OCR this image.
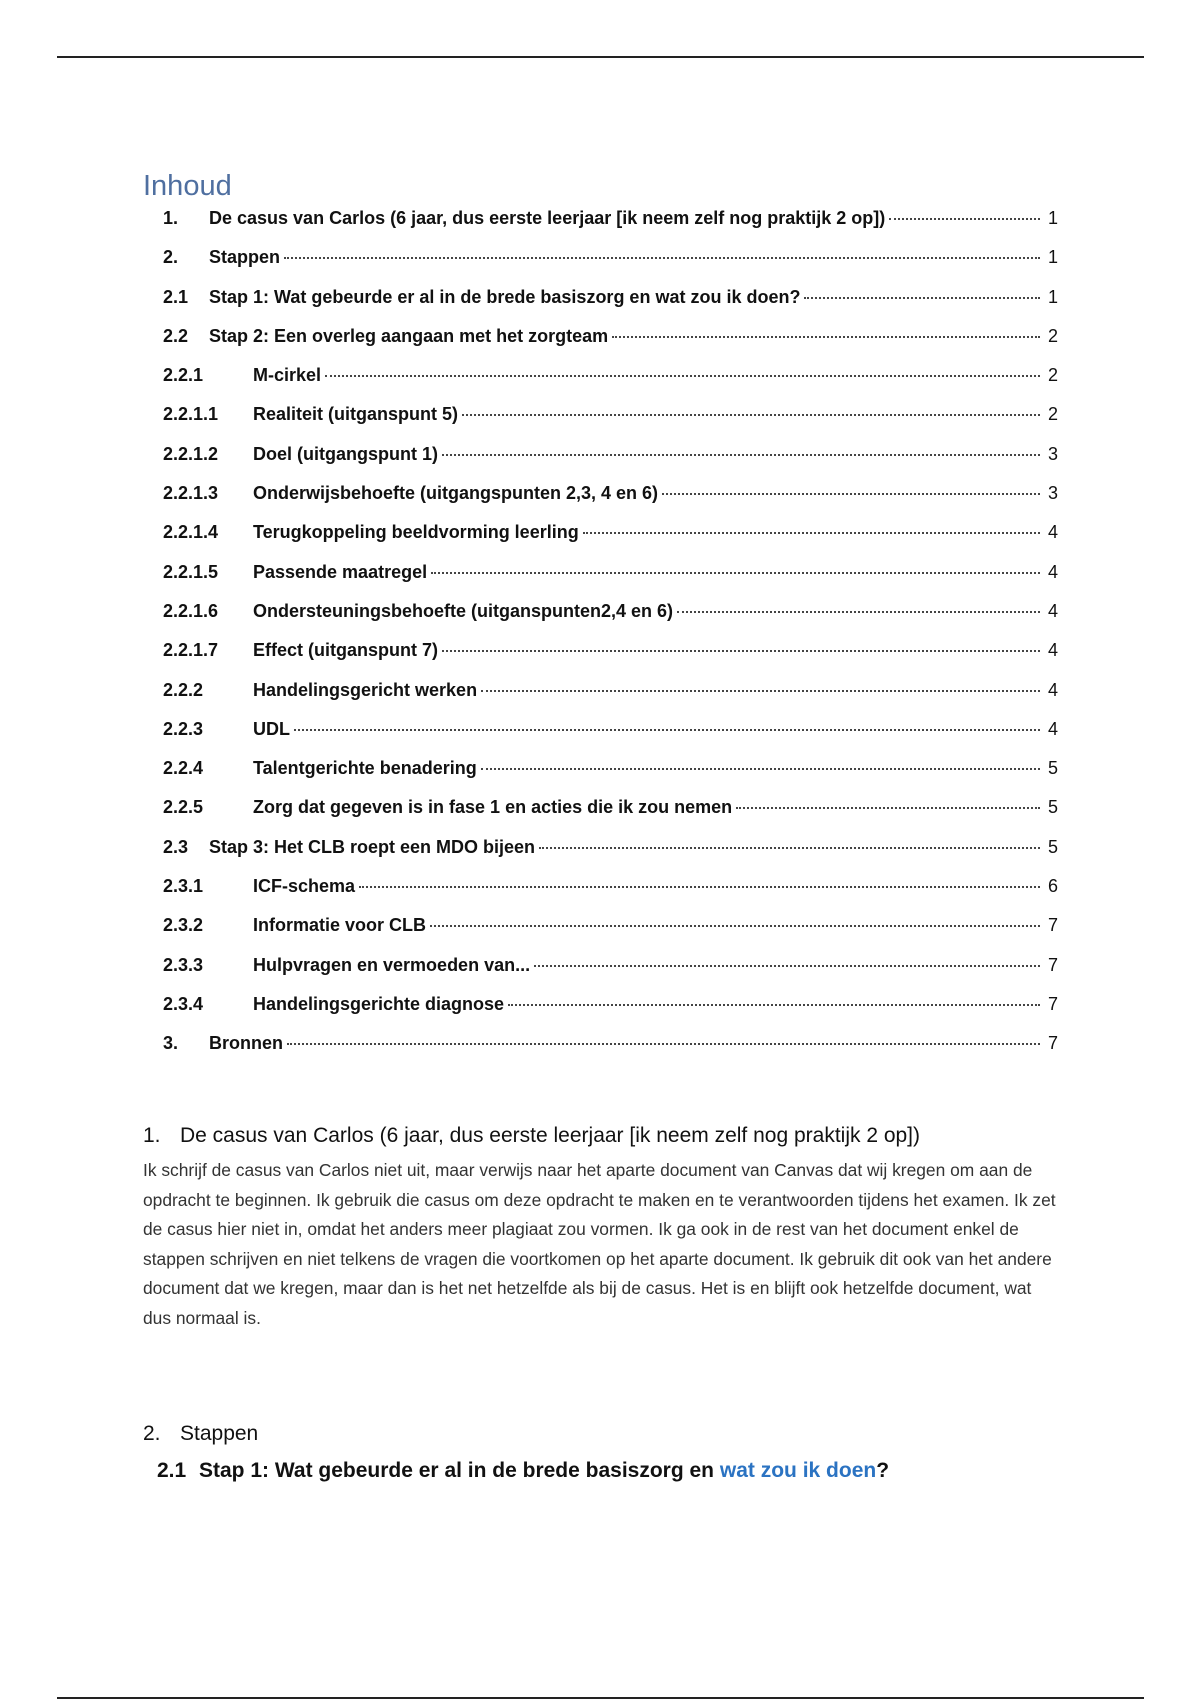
Inhoud
1.	De casus van Carlos (6 jaar, dus eerste leerjaar [ik neem zelf nog praktijk 2 op])	1
2.	Stappen	1
2.1	Stap 1: Wat gebeurde er al in de brede basiszorg en wat zou ik doen?	1
2.2	Stap 2: Een overleg aangaan met het zorgteam	2
2.2.1	M-cirkel	2
2.2.1.1	Realiteit (uitganspunt 5)	2
2.2.1.2	Doel (uitgangspunt 1)	3
2.2.1.3	Onderwijsbehoefte (uitgangspunten 2,3, 4 en 6)	3
2.2.1.4	Terugkoppeling beeldvorming leerling	4
2.2.1.5	Passende maatregel	4
2.2.1.6	Ondersteuningsbehoefte (uitganspunten2,4 en 6)	4
2.2.1.7	Effect (uitganspunt 7)	4
2.2.2	Handelingsgericht werken	4
2.2.3	UDL	4
2.2.4	Talentgerichte benadering	5
2.2.5	Zorg dat gegeven is in fase 1 en acties die ik zou nemen	5
2.3	Stap 3: Het CLB roept een MDO bijeen	5
2.3.1	ICF-schema	6
2.3.2	Informatie voor CLB	7
2.3.3	Hulpvragen en vermoeden van...	7
2.3.4	Handelingsgerichte diagnose	7
3.	Bronnen	7
1. De casus van Carlos (6 jaar, dus eerste leerjaar [ik neem zelf nog praktijk 2 op])

Ik schrijf de casus van Carlos niet uit, maar verwijs naar het aparte document van Canvas dat wij kregen om aan de opdracht te beginnen. Ik gebruik die casus om deze opdracht te maken en te verantwoorden tijdens het examen. Ik zet de casus hier niet in, omdat het anders meer plagiaat zou vormen. Ik ga ook in de rest van het document enkel de stappen schrijven en niet telkens de vragen die voortkomen op het aparte document. Ik gebruik dit ook van het andere document dat we kregen, maar dan is het net hetzelfde als bij de casus. Het is en blijft ook hetzelfde document, wat dus normaal is.

2. Stappen
2.1 Stap 1: Wat gebeurde er al in de brede basiszorg en wat zou ik doen?
